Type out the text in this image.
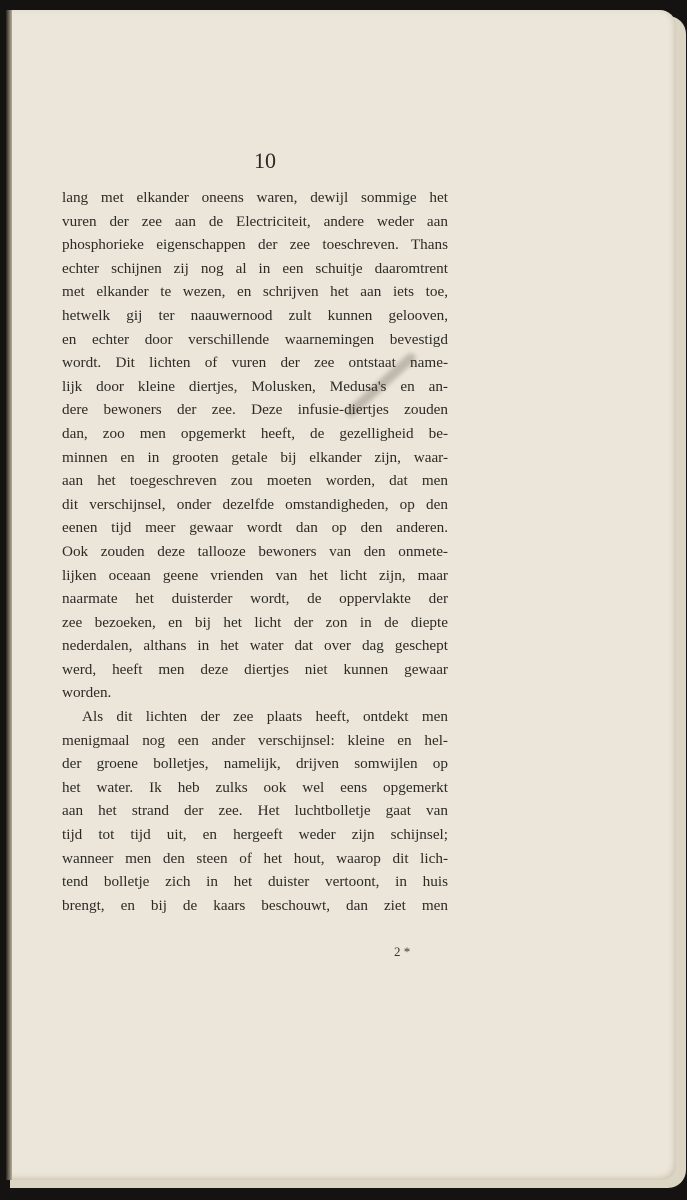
10

lang met elkander oneens waren, dewijl sommige het
vuren der zee aan de Electriciteit, andere weder aan
phosphorieke eigenschappen der zee toeschreven. Thans
echter schijnen zij nog al in een schuitje daaromtrent
met elkander te wezen, en schrijven het aan iets toe,
hetwelk gij ter naauwernood zult kunnen gelooven,
en echter door verschillende waarnemingen bevestigd
wordt. Dit lichten of vuren der zee ontstaat name-
lijk door kleine diertjes, Molusken, Medusa's en an-
dere bewoners der zee. Deze infusie-diertjes zouden
dan, zoo men opgemerkt heeft, de gezelligheid be-
minnen en in grooten getale bij elkander zijn, waar-
aan het toegeschreven zou moeten worden, dat men
dit verschijnsel, onder dezelfde omstandigheden, op den
eenen tijd meer gewaar wordt dan op den anderen.
Ook zouden deze tallooze bewoners van den onmete-
lijken oceaan geene vrienden van het licht zijn, maar
naarmate het duisterder wordt, de oppervlakte der
zee bezoeken, en bij het licht der zon in de diepte
nederdalen, althans in het water dat over dag geschept
werd, heeft men deze diertjes niet kunnen gewaar
worden.
Als dit lichten der zee plaats heeft, ontdekt men
menigmaal nog een ander verschijnsel: kleine en hel-
der groene bolletjes, namelijk, drijven somwijlen op
het water. Ik heb zulks ook wel eens opgemerkt
aan het strand der zee. Het luchtbolletje gaat van
tijd tot tijd uit, en hergeeft weder zijn schijnsel;
wanneer men den steen of het hout, waarop dit lich-
tend bolletje zich in het duister vertoont, in huis
brengt, en bij de kaars beschouwt, dan ziet men
2 *
